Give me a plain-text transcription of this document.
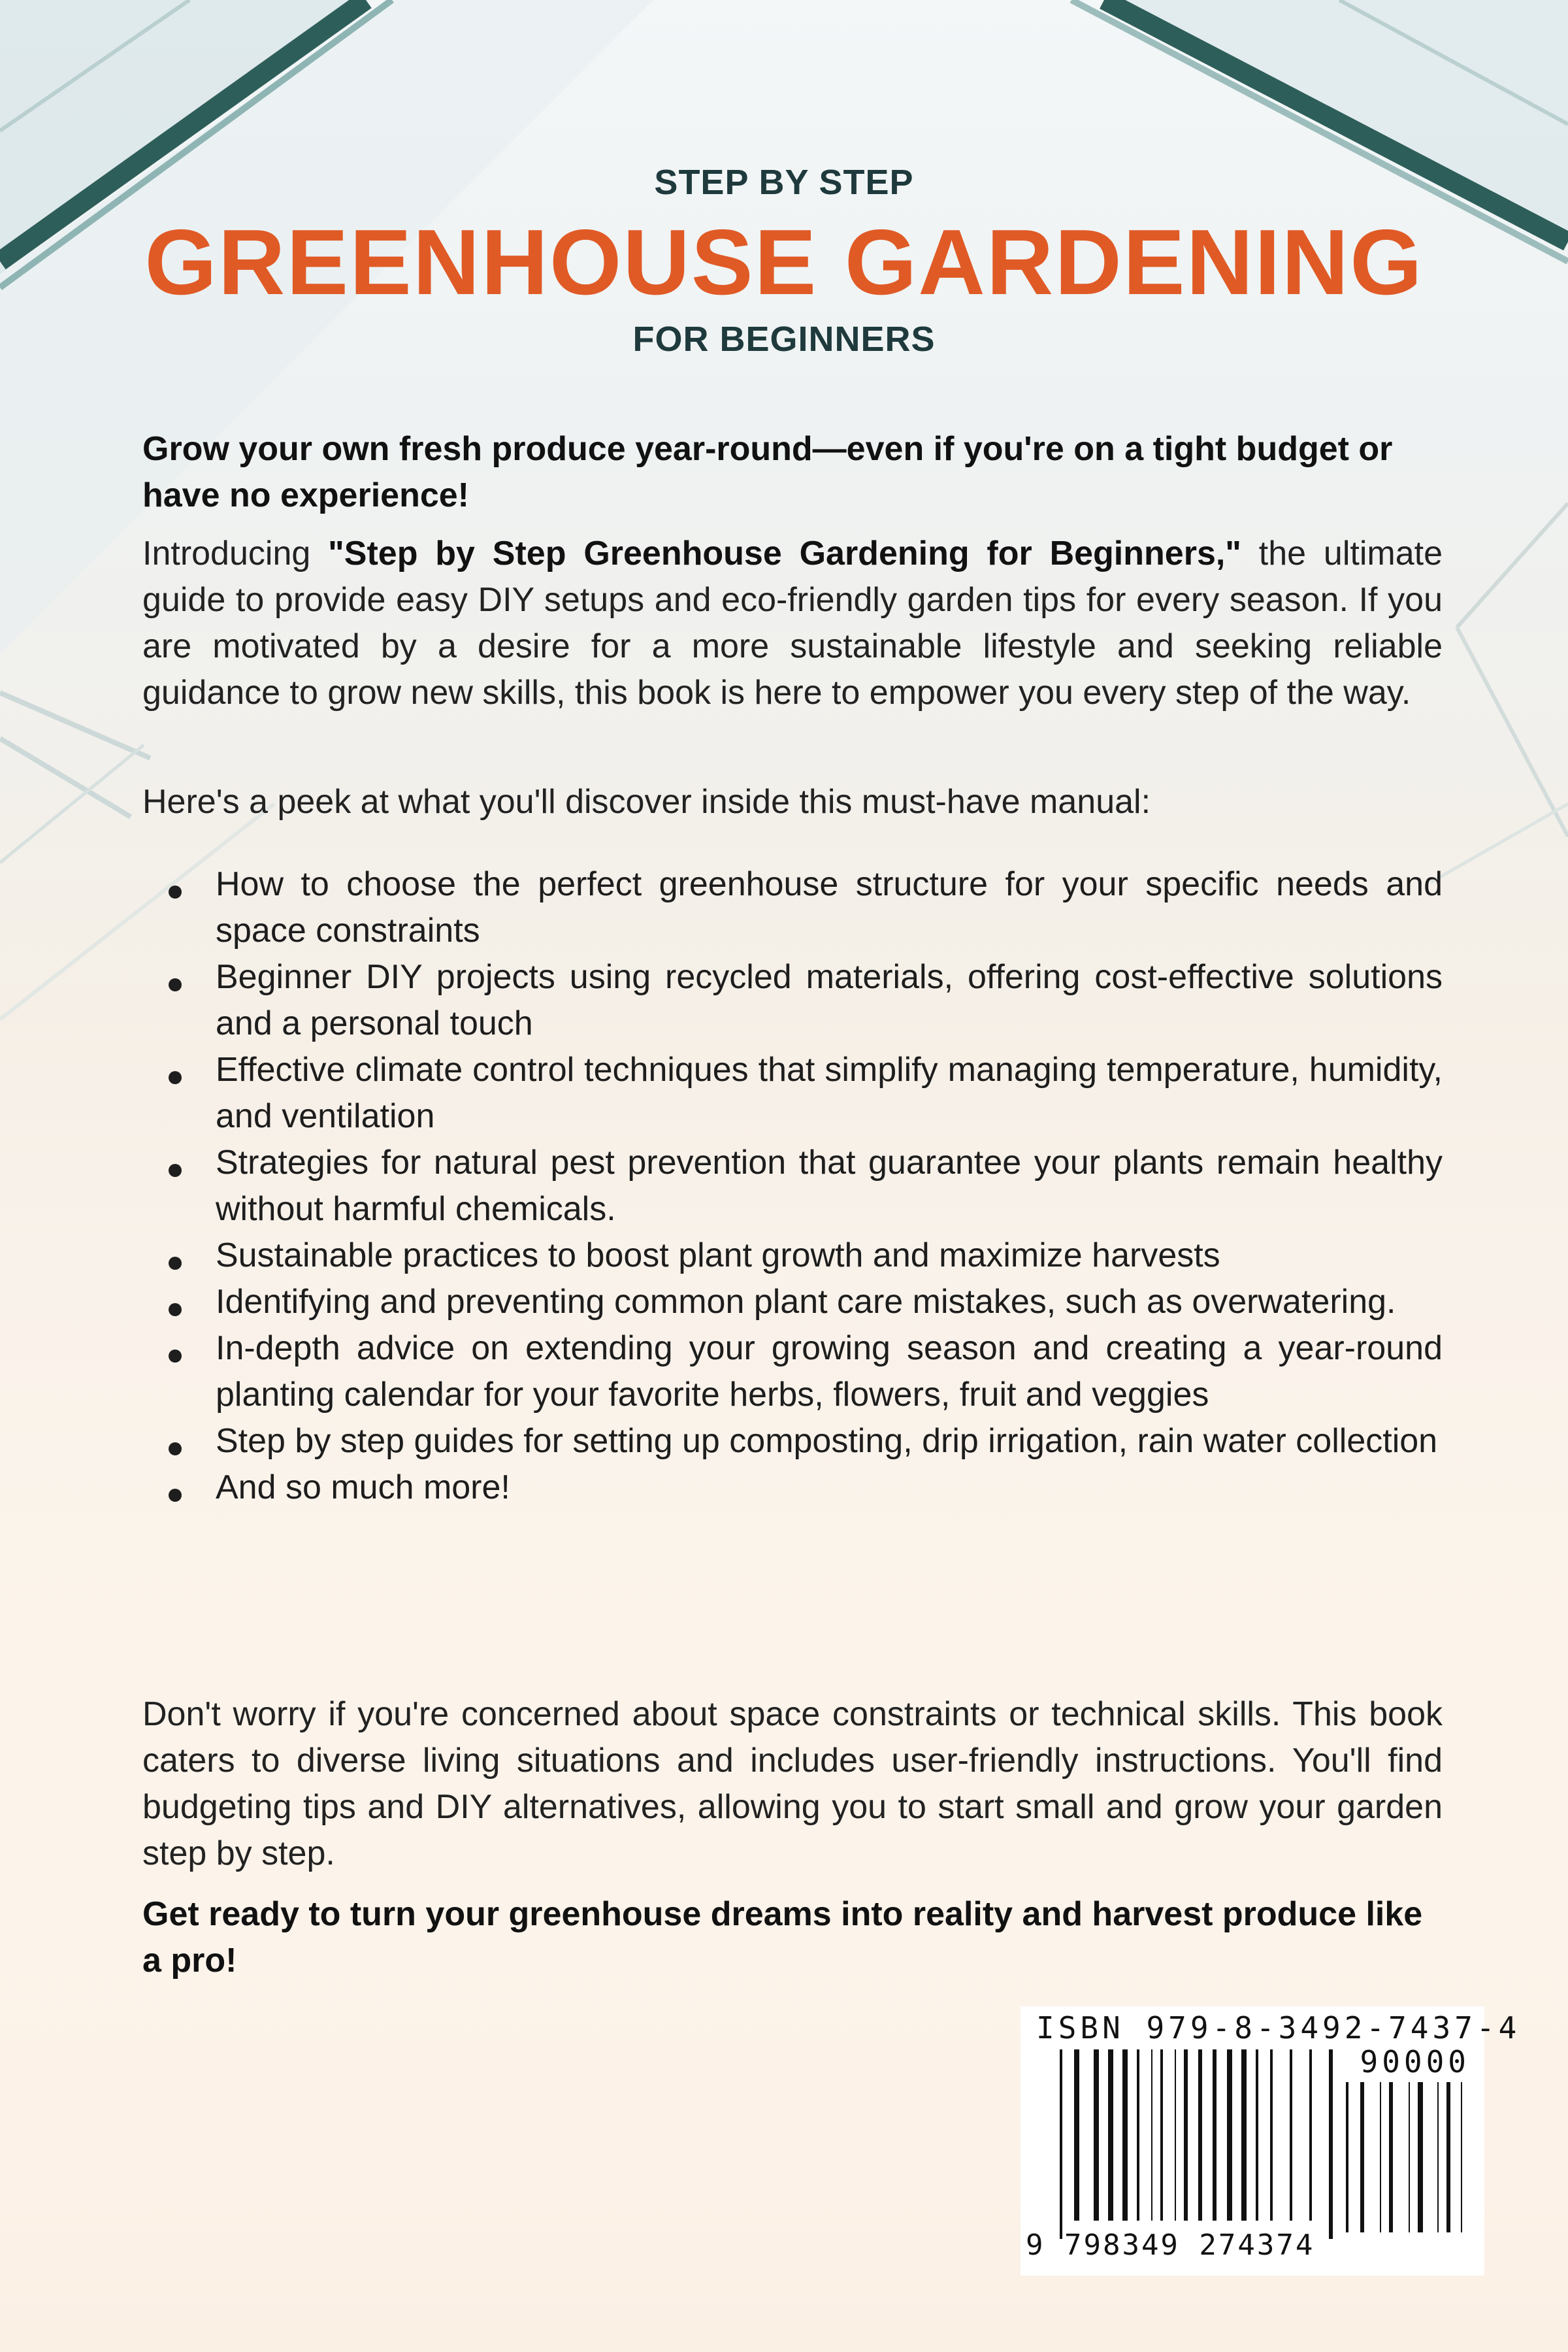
STEP BY STEP
GREENHOUSE GARDENING
FOR BEGINNERS
Grow your own fresh produce year-round—even if you're on a tight budget or have no experience!
Introducing "Step by Step Greenhouse Gardening for Beginners," the ultimate guide to provide easy DIY setups and eco-friendly garden tips for every season. If you are motivated by a desire for a more sustainable lifestyle and seeking reliable guidance to grow new skills, this book is here to empower you every step of the way.
Here's a peek at what you'll discover inside this must-have manual:
How to choose the perfect greenhouse structure for your specific needs and space constraints
Beginner DIY projects using recycled materials, offering cost-effective solutions and a personal touch
Effective climate control techniques that simplify managing temperature, humidity, and ventilation
Strategies for natural pest prevention that guarantee your plants remain healthy without harmful chemicals.
Sustainable practices to boost plant growth and maximize harvests
Identifying and preventing common plant care mistakes, such as overwatering.
In-depth advice on extending your growing season and creating a year-round planting calendar for your favorite herbs, flowers, fruit and veggies
Step by step guides for setting up composting, drip irrigation, rain water collection
And so much more!
Don't worry if you're concerned about space constraints or technical skills. This book caters to diverse living situations and includes user-friendly instructions. You'll find budgeting tips and DIY alternatives, allowing you to start small and grow your garden step by step.
Get ready to turn your greenhouse dreams into reality and harvest produce like a pro!
ISBN 979-8-3492-7437-4
90000
9 798349 274374
